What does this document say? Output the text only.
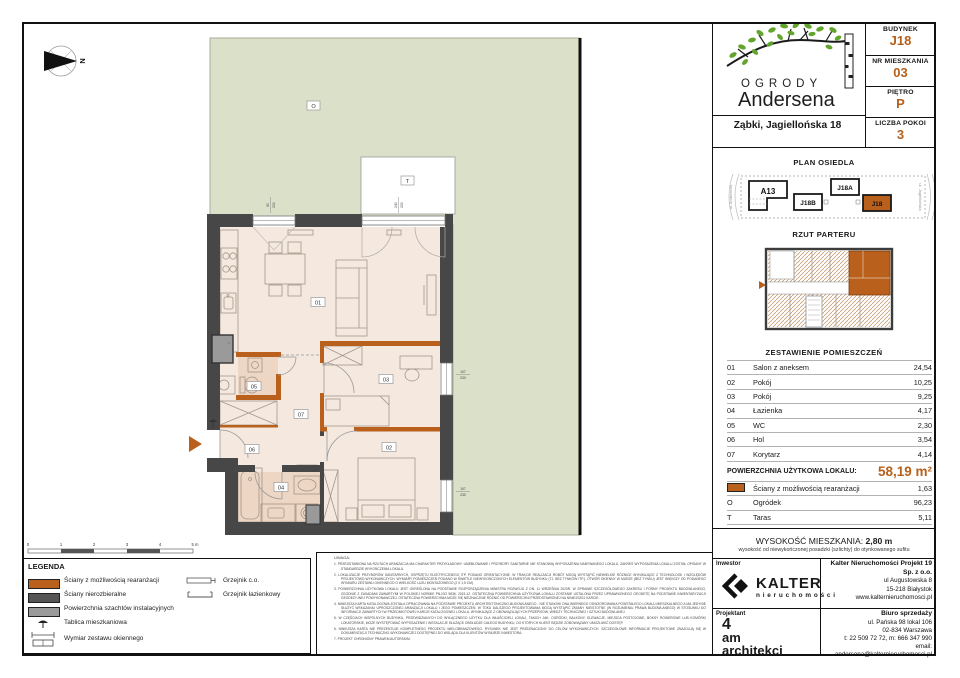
N
O
T
01
02
03
04
05
06
07
z
90 230	240 230
107
230
107
230
0	1	2	3	4	5 m
A13
J18B
J18A
J18
ul. Andersena	ul. Jagiellońska
OGRODY
Andersena
Ząbki, Jagiellońska 18
BUDYNEK
J18
NR MIESZKANIA
03
PIĘTRO
P
LICZBA POKOI
3
PLAN OSIEDLA
RZUT PARTERU
ZESTAWIENIE POMIESZCZEŃ
01	Salon z aneksem	24,54
02	Pokój	10,25
03	Pokój	9,25
04	Łazienka	4,17
05	WC	2,30
06	Hol	3,54
07	Korytarz	4,14
POWIERZCHNIA UŻYTKOWA LOKALU:	58,19 m²
Ściany z możliwością rearanżacji	1,63
O	Ogródek	96,23
T	Taras	5,11
WYSOKOŚĆ MIESZKANIA: 2,80 m
wysokość od niewykończonej posadzki (szlichty) do otynkowanego sufitu
Inwestor
KALTER
nieruchomości
Kalter Nieruchomości Projekt 19 Sp. z o.o.
ul Augustowska 8
15-218 Białystok
www.kalternieruchomosci.pl
Projektant
4
am
architekci
Biuro sprzedaży
ul. Pańska 98 lokal 106
02-834 Warszawa
t: 22 509 72 72, m: 666 347 990
email: andersena@kalternieruchomosci.pl
LEGENDA
Ściany z możliwością rearanżacji
Ściany nierozbieralne
Powierzchnia szachtów instalacyjnych
Tablica mieszkaniowa
Wymiar zestawu okiennego
Grzejnik c.o.
Grzejnik łazienkowy
UWAGA:
1. PRZEDSTAWIONA NA RZUTACH ARANŻACJA MA CHARAKTER PRZYKŁADOWY. UMEBLOWANIE I PRZYBORY SANITARNE NIE STANOWIĄ WYPOSAŻENIA NABYWANEGO LOKALU. ZAKRES WYPOSAŻENIA LOKALU ZOSTAŁ OPISANY W STANDARDZIE WYKOŃCZENIA LOKALU.
2. LOKALIZACJE PRZYBORÓW SANITARNYCH, OSPRZĘTU ELEKTRYCZNEGO ITP. PODANO ORIENTACYJNIE. W TRAKCIE REALIZACJI ROBÓT MOGĄ WYSTĄPIĆ NIEWIELKIE RÓŻNICE WYNIKAJĄCE Z TECHNOLOGII I WZGLĘDÓW PROJEKTOWO-WYKONAWCZYCH. WYMIARY POMIESZCZEŃ PODANO W ŚWIETLE NIEWYKOŃCZONYCH ELEMENTÓW BUDYNKU (TJ. BEZ TYNKÓW ITP.). OTWÓR OKIENNY W MURZE (BEZ TYNKU) JEST WIĘKSZY OD PODANEGO WYMIARU ZESTAWU OKIENNEGO O WIELKOŚĆ LUZU MONTAŻOWEGO (2 X 1,5 CM).
3. POWIERZCHNIA UŻYTKOWA LOKALU JEST OKREŚLONA NA PODSTAWIE ROZPORZĄDZENIA MINISTRA ROZWOJU Z DN. 11 WRZEŚNIA 2020R. W SPRAWIE SZCZEGÓŁOWEGO ZAKRESU I FORMY PROJEKTU BUDOWLANEGO, ZGODNIE Z ZASADAMI ZAWARTYMI W POLSKIEJ NORMIE PN-ISO 9836: 2015-12. OSTATECZNA POWIERZCHNIA UŻYTKOWA LOKALU ZOSTANIE USTALONA PRZEZ UPRAWNIONEGO GEODETĘ NA PODSTAWIE INWENTARYZACJI GEODEZYJNEJ POWYKONAWCZEJ. OSTATECZNA POWIERZCHNIA MOŻE SIĘ NIEZNACZNIE RÓŻNIĆ OD POWIERZCHNI PRZEDSTAWIONEJ NA NINIEJSZEJ KARCIE.
4. NINIEJSZA KARTA KATALOGOWA ZOSTAŁA OPRACOWANA NA PODSTAWIE PROJEKTU ARCHITEKTONICZNO-BUDOWLANEGO - NIE STANOWI ONA WIERNEGO ODWZOROWANIA POWSTAŁEGO LOKALU MIESZKALNEGO A MA JEDYNIE SŁUŻYĆ WSKAZANIU UPROSZCZONEJ ARANŻACJI LOKALU I JEGO POMIESZCZEŃ. W TOKU DALSZEGO PROJEKTOWANIA MOGĄ WYSTĄPIĆ ZMIANY NIEISTOTNE (W ROZUMIENIU PRAWA BUDOWLANEGO) W STOSUNKU DO INFORMACJI ZAWARTYCH W PRZEDMIOTOWEJ KARCIE KATALOGOWEJ LOKALU, WYNIKAJĄCE Z OBOWIĄZUJĄCYCH PRZEPISÓW, WIEDZY TECHNICZNEJ I SZTUKI BUDOWLANEJ.
5. W CZĘŚCIACH WSPÓLNYCH BUDYNKU, PRZEWIDZIANYCH DO WYŁĄCZNEGO UŻYTKU DLA WŁAŚCICIELI LOKALI, TAKICH JAK: OGRÓDKI, BALKONY, ELEWACJE, MIEJSCA POSTOJOWE, BOKSY ROWEROWE LUB KOMÓRKI LOKATORSKIE, MOŻE WYSTĘPOWAĆ WYPOSAŻENIE I INSTALACJE SŁUŻĄCE OBSŁUDZE CAŁEGO BUDYNKU, DO KTÓRYCH KLIENT BĘDZIE ZOBOWIĄZANY UMOŻLIWIĆ DOSTĘP.
6. NINIEJSZA KARTA NIE PREZENTUJE KOMPLETNEGO PROJEKTU WIELOBRANŻOWEGO. RYSUNEK NIE JEST PRZEZNACZONY DO CELÓW WYKONAWCZYCH. SZCZEGÓŁOWE INFORMACJE PROJEKTOWE ZNAJDUJĄ SIĘ W DOKUMENTACJI TECHNICZNO-WYKONAWCZEJ DOSTĘPNEJ DO WGLĄDU DLA KLIENTÓW W BIURZE INWESTORA.
7. PROJEKT CHRONIONY PRAWEM AUTORSKIM.
